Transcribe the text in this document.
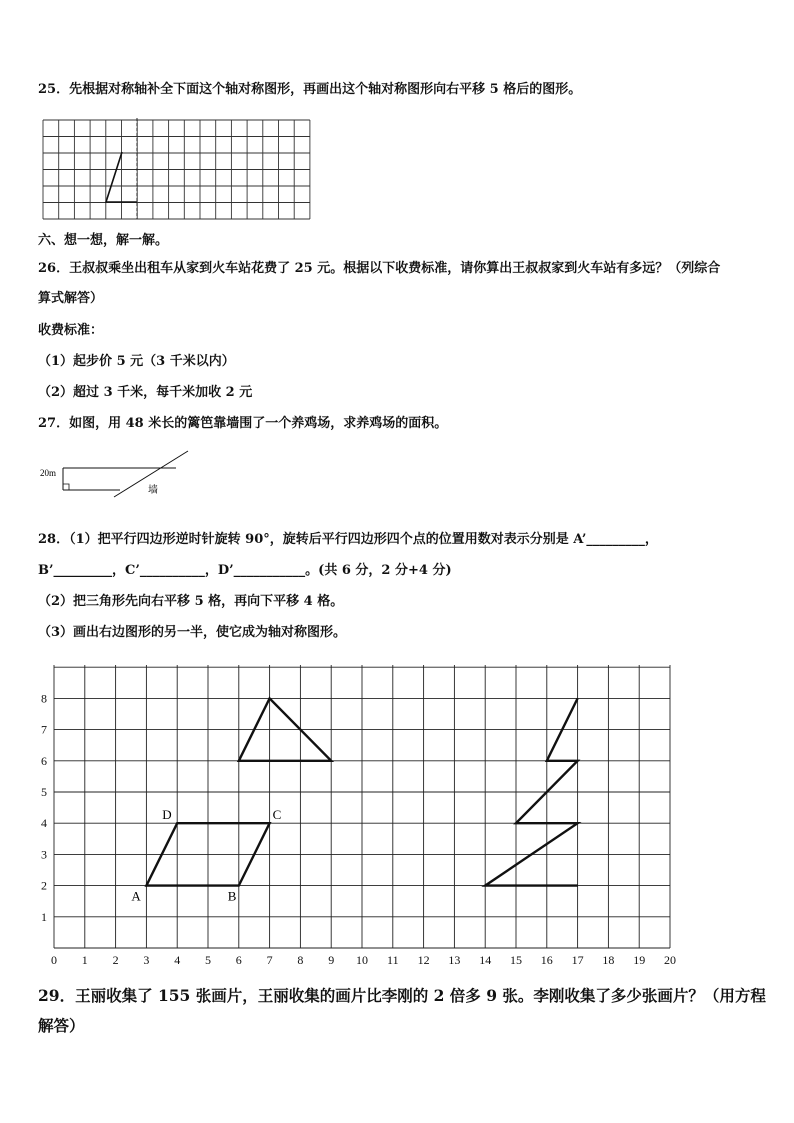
25．先根据对称轴补全下面这个轴对称图形，再画出这个轴对称图形向右平移 5 格后的图形。
六、想一想，解一解。
26．王叔叔乘坐出租车从家到火车站花费了 25 元。根据以下收费标准，请你算出王叔叔家到火车站有多远？（列综合
算式解答）
收费标准：
（1）起步价 5 元（3 千米以内）
（2）超过 3 千米，每千米加收 2 元
27．如图，用 48 米长的篱笆靠墙围了一个养鸡场，求养鸡场的面积。
20m
墙
28．（1）把平行四边形逆时针旋转 90°，旋转后平行四边形四个点的位置用数对表示分别是 A’_________，
B’_________，C’__________，D’___________。(共 6 分，2 分+4 分)
（2）把三角形先向右平移 5 格，再向下平移 4 格。
（3）画出右边图形的另一半，使它成为轴对称图形。
0 1 2 3 4 5 6 7 8 9 10 11 12 13 14 15 16 17 18 19 20
1
2
3
4
5
6
7
8
A	B
C
D
29．王丽收集了 155 张画片，王丽收集的画片比李刚的 2 倍多 9 张。李刚收集了多少张画片？（用方程
解答）
